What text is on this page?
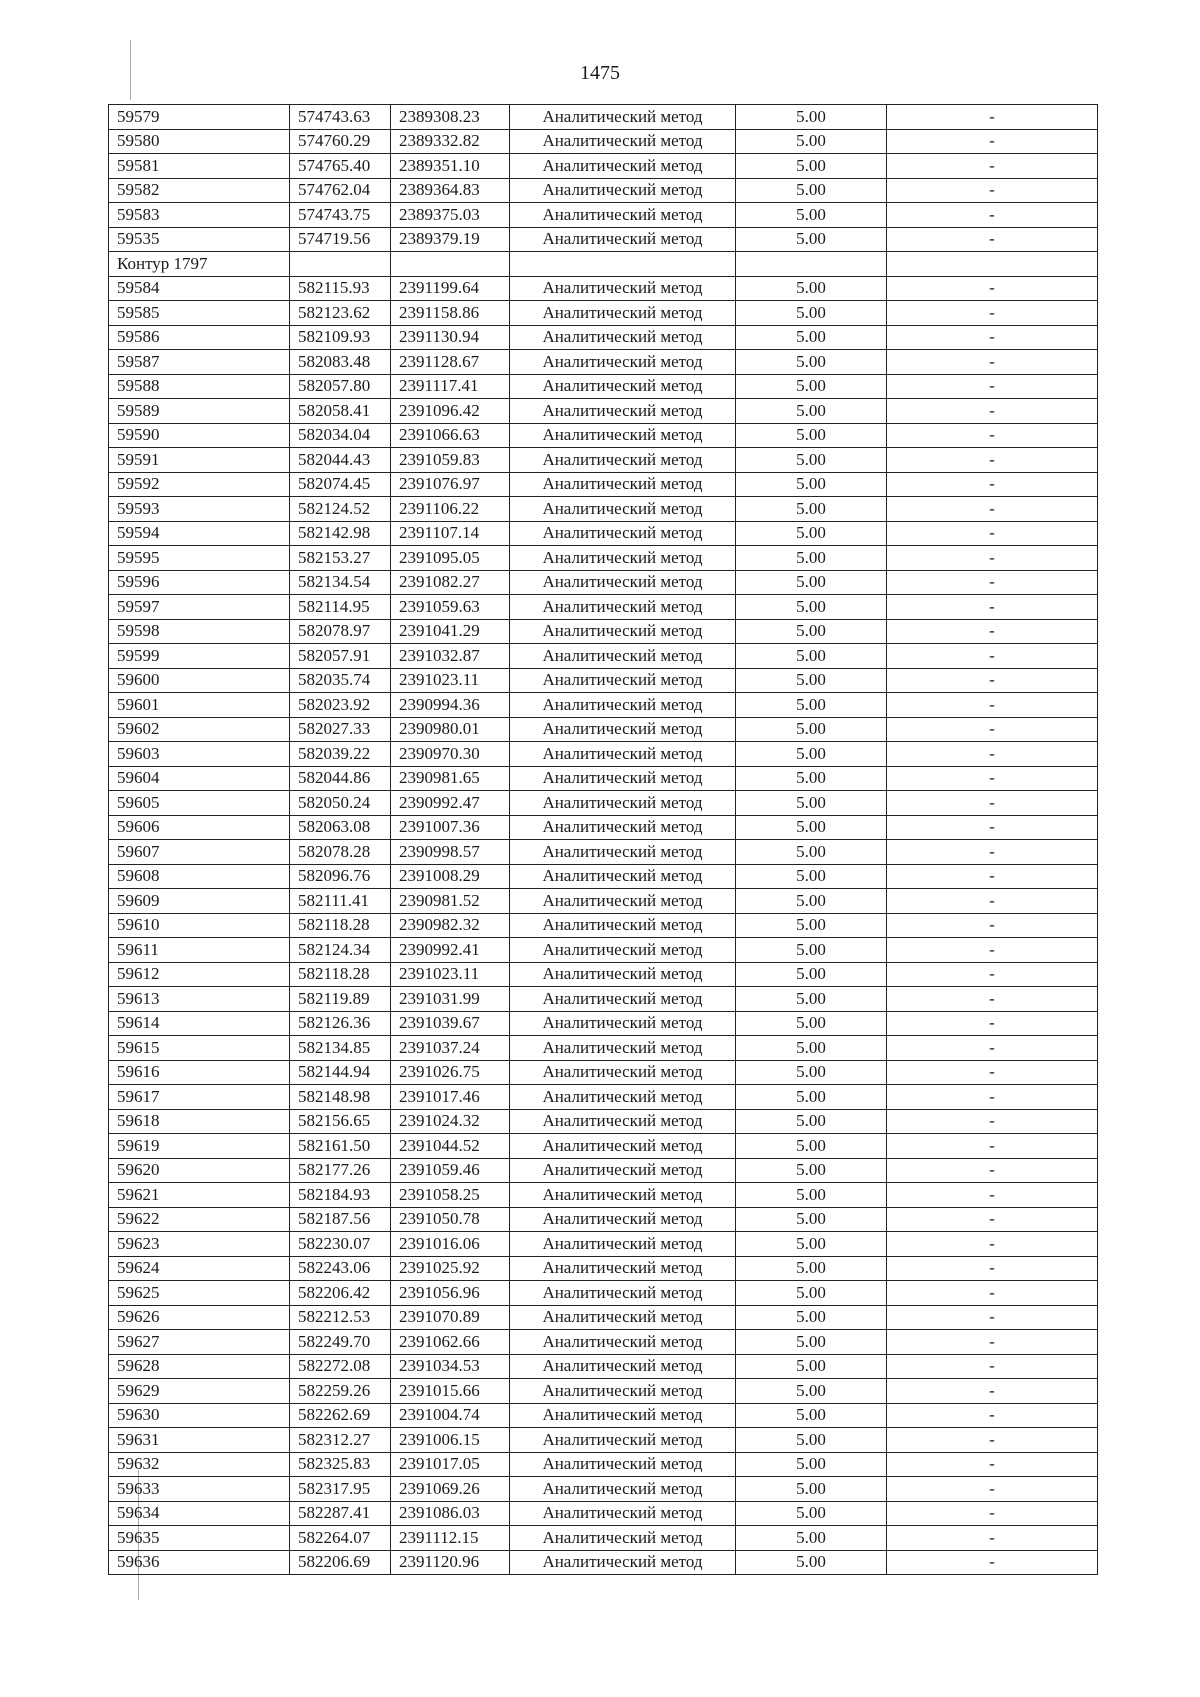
1475
59579	574743.63	2389308.23	Аналитический метод	5.00	-
59580	574760.29	2389332.82	Аналитический метод	5.00	-
59581	574765.40	2389351.10	Аналитический метод	5.00	-
59582	574762.04	2389364.83	Аналитический метод	5.00	-
59583	574743.75	2389375.03	Аналитический метод	5.00	-
59535	574719.56	2389379.19	Аналитический метод	5.00	-
Контур 1797					
59584	582115.93	2391199.64	Аналитический метод	5.00	-
59585	582123.62	2391158.86	Аналитический метод	5.00	-
59586	582109.93	2391130.94	Аналитический метод	5.00	-
59587	582083.48	2391128.67	Аналитический метод	5.00	-
59588	582057.80	2391117.41	Аналитический метод	5.00	-
59589	582058.41	2391096.42	Аналитический метод	5.00	-
59590	582034.04	2391066.63	Аналитический метод	5.00	-
59591	582044.43	2391059.83	Аналитический метод	5.00	-
59592	582074.45	2391076.97	Аналитический метод	5.00	-
59593	582124.52	2391106.22	Аналитический метод	5.00	-
59594	582142.98	2391107.14	Аналитический метод	5.00	-
59595	582153.27	2391095.05	Аналитический метод	5.00	-
59596	582134.54	2391082.27	Аналитический метод	5.00	-
59597	582114.95	2391059.63	Аналитический метод	5.00	-
59598	582078.97	2391041.29	Аналитический метод	5.00	-
59599	582057.91	2391032.87	Аналитический метод	5.00	-
59600	582035.74	2391023.11	Аналитический метод	5.00	-
59601	582023.92	2390994.36	Аналитический метод	5.00	-
59602	582027.33	2390980.01	Аналитический метод	5.00	-
59603	582039.22	2390970.30	Аналитический метод	5.00	-
59604	582044.86	2390981.65	Аналитический метод	5.00	-
59605	582050.24	2390992.47	Аналитический метод	5.00	-
59606	582063.08	2391007.36	Аналитический метод	5.00	-
59607	582078.28	2390998.57	Аналитический метод	5.00	-
59608	582096.76	2391008.29	Аналитический метод	5.00	-
59609	582111.41	2390981.52	Аналитический метод	5.00	-
59610	582118.28	2390982.32	Аналитический метод	5.00	-
59611	582124.34	2390992.41	Аналитический метод	5.00	-
59612	582118.28	2391023.11	Аналитический метод	5.00	-
59613	582119.89	2391031.99	Аналитический метод	5.00	-
59614	582126.36	2391039.67	Аналитический метод	5.00	-
59615	582134.85	2391037.24	Аналитический метод	5.00	-
59616	582144.94	2391026.75	Аналитический метод	5.00	-
59617	582148.98	2391017.46	Аналитический метод	5.00	-
59618	582156.65	2391024.32	Аналитический метод	5.00	-
59619	582161.50	2391044.52	Аналитический метод	5.00	-
59620	582177.26	2391059.46	Аналитический метод	5.00	-
59621	582184.93	2391058.25	Аналитический метод	5.00	-
59622	582187.56	2391050.78	Аналитический метод	5.00	-
59623	582230.07	2391016.06	Аналитический метод	5.00	-
59624	582243.06	2391025.92	Аналитический метод	5.00	-
59625	582206.42	2391056.96	Аналитический метод	5.00	-
59626	582212.53	2391070.89	Аналитический метод	5.00	-
59627	582249.70	2391062.66	Аналитический метод	5.00	-
59628	582272.08	2391034.53	Аналитический метод	5.00	-
59629	582259.26	2391015.66	Аналитический метод	5.00	-
59630	582262.69	2391004.74	Аналитический метод	5.00	-
59631	582312.27	2391006.15	Аналитический метод	5.00	-
59632	582325.83	2391017.05	Аналитический метод	5.00	-
59633	582317.95	2391069.26	Аналитический метод	5.00	-
59634	582287.41	2391086.03	Аналитический метод	5.00	-
59635	582264.07	2391112.15	Аналитический метод	5.00	-
59636	582206.69	2391120.96	Аналитический метод	5.00	-
